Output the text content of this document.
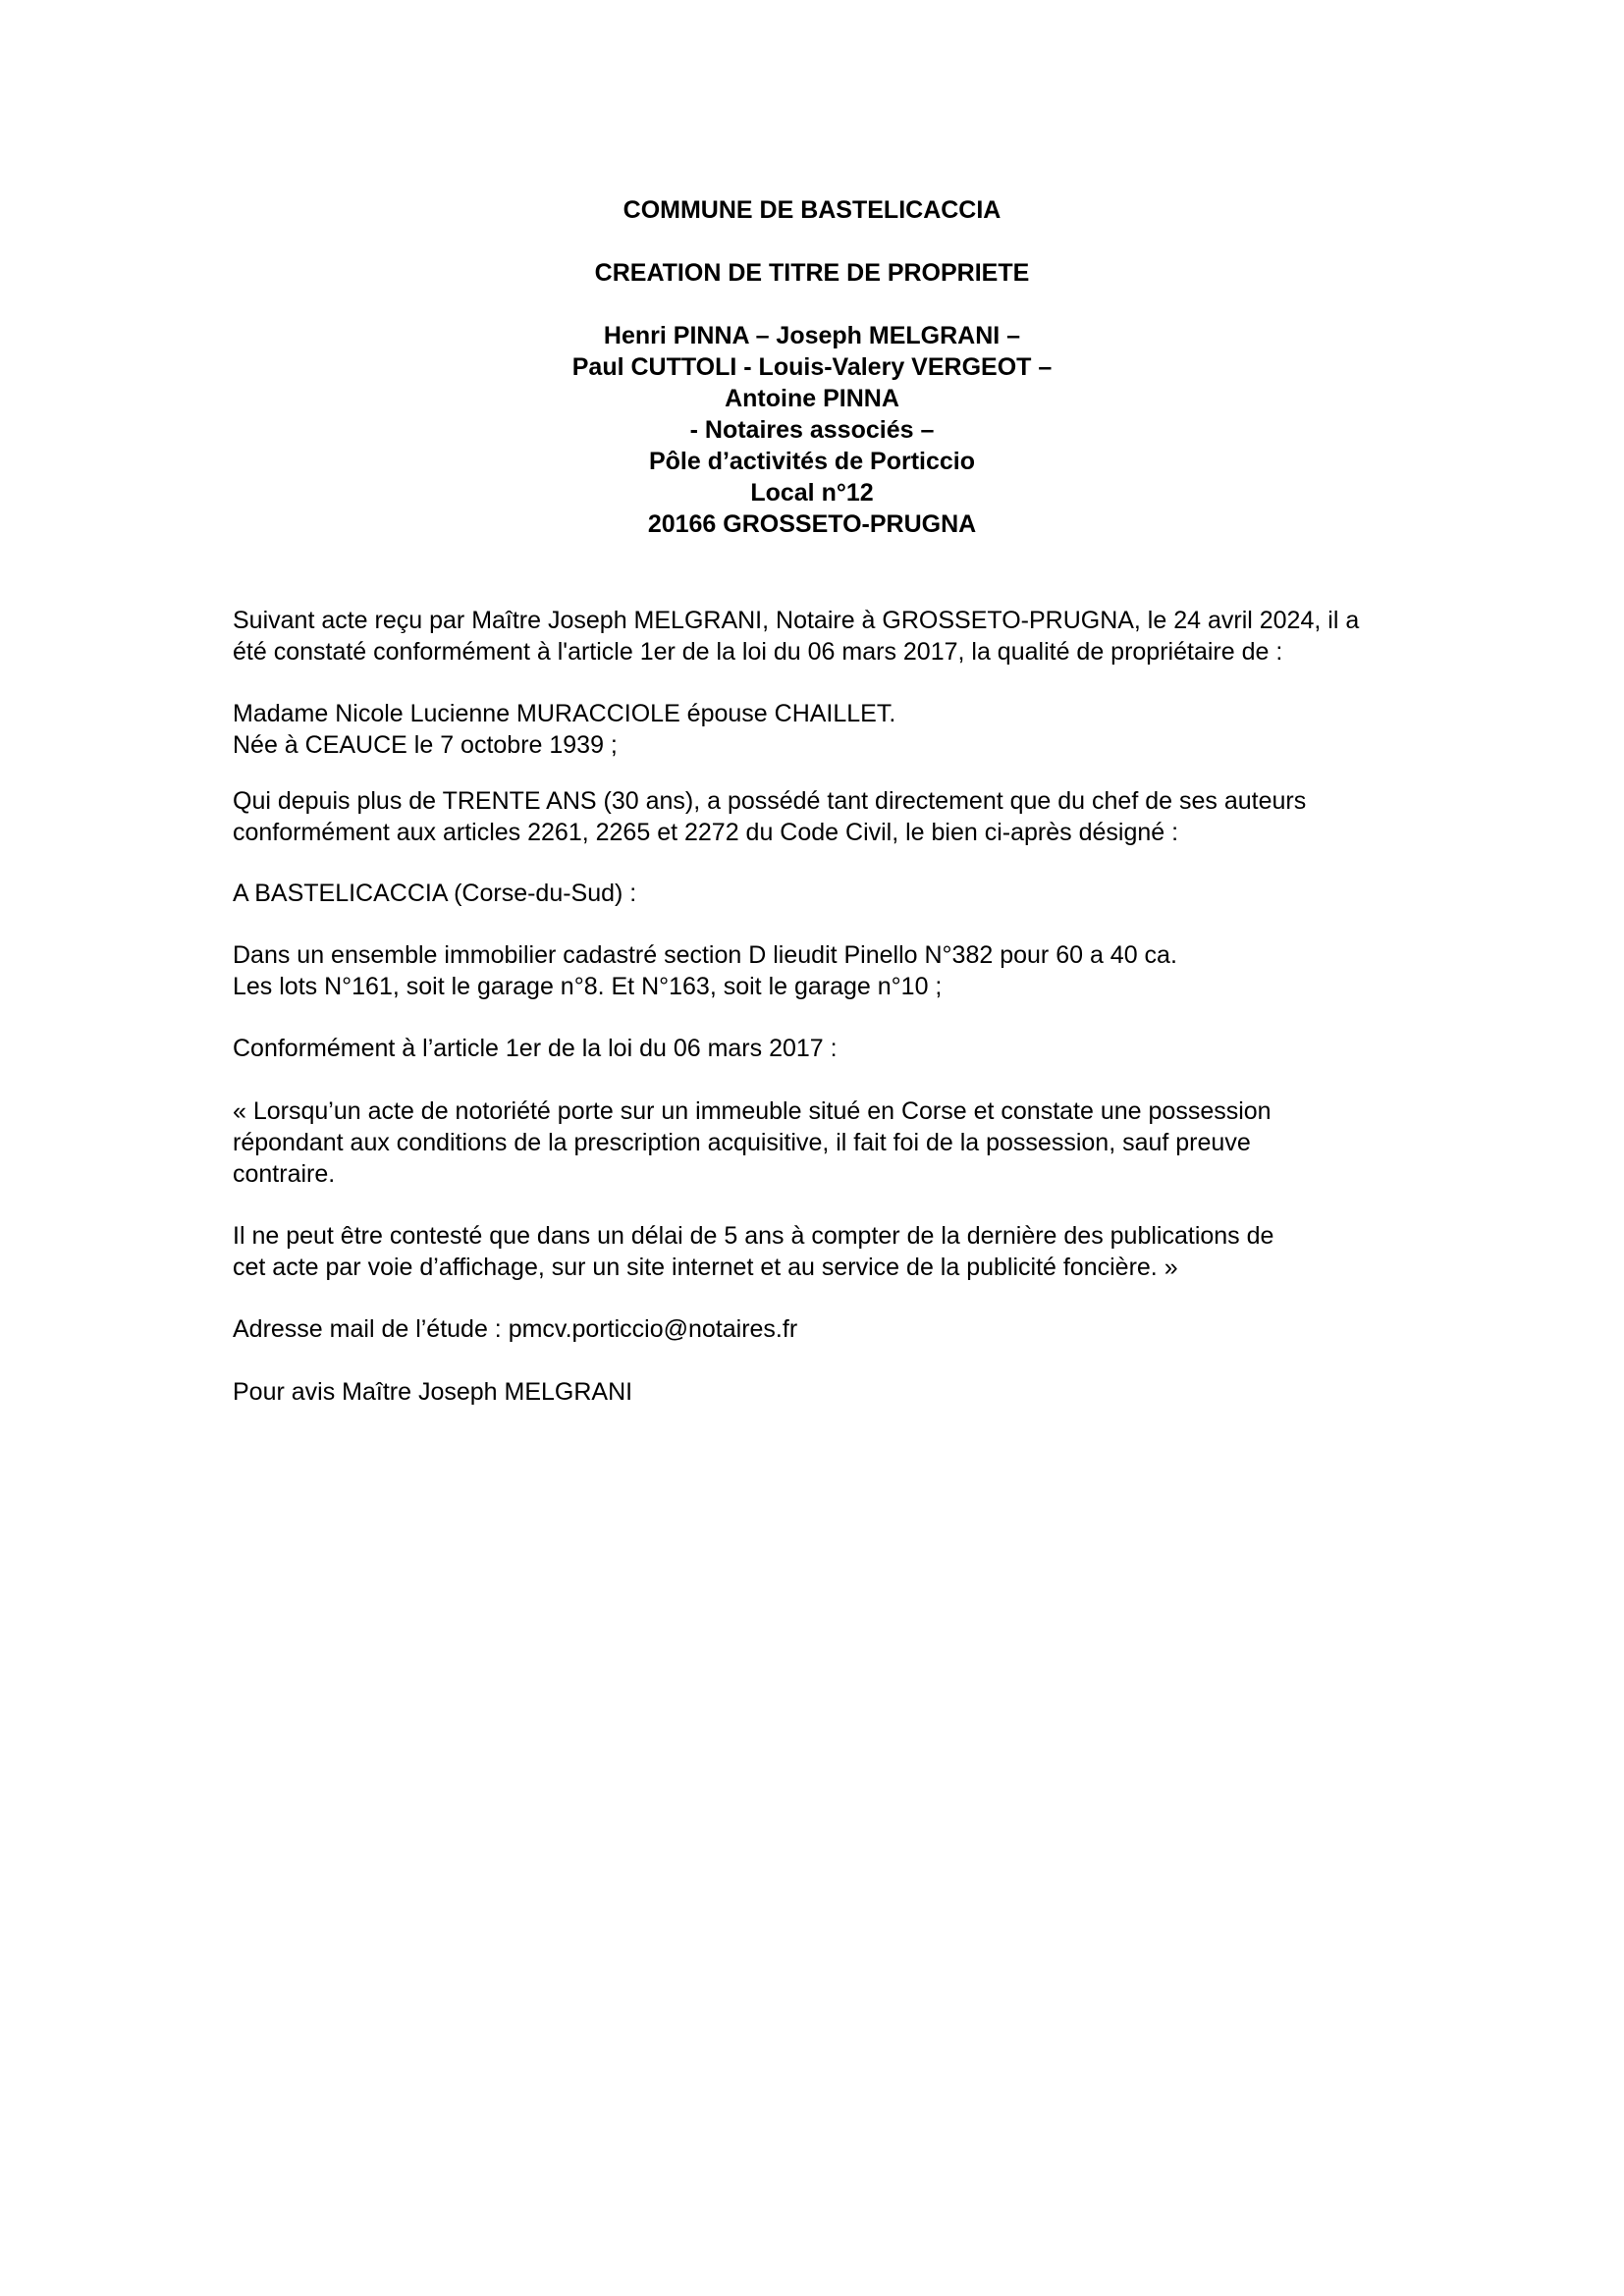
COMMUNE DE BASTELICACCIA
CREATION DE TITRE DE PROPRIETE
Henri PINNA – Joseph MELGRANI –
Paul CUTTOLI - Louis-Valery VERGEOT –
Antoine PINNA
- Notaires associés –
Pôle d’activités de Porticcio
Local n°12
20166 GROSSETO-PRUGNA

Suivant acte reçu par Maître Joseph MELGRANI, Notaire à GROSSETO-PRUGNA, le 24 avril 2024, il a

été constaté conformément à l'article 1er de la loi du 06 mars 2017, la qualité de propriétaire de :

Madame Nicole Lucienne MURACCIOLE épouse CHAILLET.

Née à CEAUCE le 7 octobre 1939 ;

Qui depuis plus de TRENTE ANS (30 ans), a possédé tant directement que du chef de ses auteurs

conformément aux articles 2261, 2265 et 2272 du Code Civil, le bien ci-après désigné :

A BASTELICACCIA (Corse-du-Sud) :

Dans un ensemble immobilier cadastré section D lieudit Pinello N°382 pour 60 a 40 ca.

Les lots N°161, soit le garage n°8. Et N°163, soit le garage n°10 ;

Conformément à l’article 1er de la loi du 06 mars 2017 :

« Lorsqu’un acte de notoriété porte sur un immeuble situé en Corse et constate une possession

répondant aux conditions de la prescription acquisitive, il fait foi de la possession, sauf preuve

contraire.

Il ne peut être contesté que dans un délai de 5 ans à compter de la dernière des publications de

cet acte par voie d’affichage, sur un site internet et au service de la publicité foncière. »

Adresse mail de l’étude : pmcv.porticcio@notaires.fr

Pour avis Maître Joseph MELGRANI
